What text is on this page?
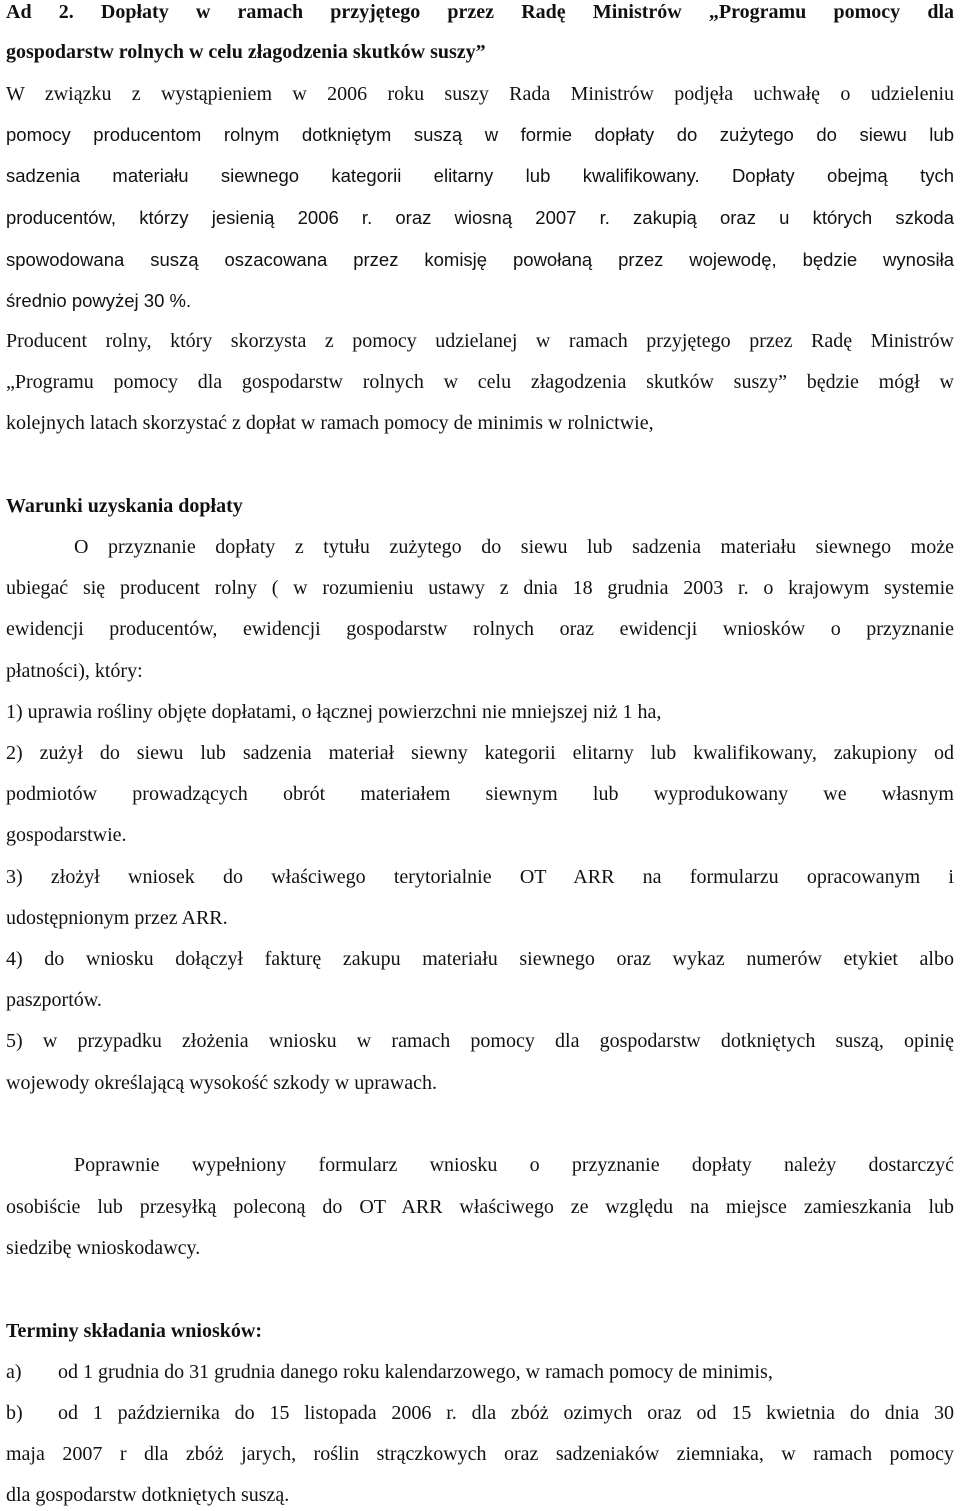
Ad 2. Dopłaty w ramach przyjętego przez Radę Ministrów „Programu pomocy dla
gospodarstw rolnych w celu złagodzenia skutków suszy”
W związku z wystąpieniem w 2006 roku suszy Rada Ministrów podjęła uchwałę o udzieleniu
pomocy producentom rolnym dotkniętym suszą w formie dopłaty do zużytego do siewu lub
sadzenia materiału siewnego kategorii elitarny lub kwalifikowany. Dopłaty obejmą tych
producentów, którzy jesienią 2006 r. oraz wiosną 2007 r. zakupią oraz u których szkoda
spowodowana suszą oszacowana przez komisję powołaną przez wojewodę, będzie wynosiła
średnio powyżej 30 %.
Producent rolny, który skorzysta z pomocy udzielanej w ramach przyjętego przez Radę Ministrów
„Programu pomocy dla gospodarstw rolnych w celu złagodzenia skutków suszy” będzie mógł w
kolejnych latach skorzystać z dopłat w ramach pomocy de minimis w rolnictwie,
Warunki uzyskania dopłaty
O przyznanie dopłaty z tytułu zużytego do siewu lub sadzenia materiału siewnego może
ubiegać się producent rolny ( w rozumieniu ustawy z dnia 18 grudnia 2003 r. o krajowym systemie
ewidencji producentów, ewidencji gospodarstw rolnych oraz ewidencji wniosków o przyznanie
płatności), który:
1) uprawia rośliny objęte dopłatami, o łącznej powierzchni nie mniejszej niż 1 ha,
2) zużył do siewu lub sadzenia materiał siewny kategorii elitarny lub kwalifikowany, zakupiony od
podmiotów prowadzących obrót materiałem siewnym lub wyprodukowany we własnym
gospodarstwie.
3) złożył wniosek do właściwego terytorialnie OT ARR na formularzu opracowanym i
udostępnionym przez ARR.
4) do wniosku dołączył fakturę zakupu materiału siewnego oraz wykaz numerów etykiet albo
paszportów.
5) w przypadku złożenia wniosku w ramach pomocy dla gospodarstw dotkniętych suszą, opinię
wojewody określającą wysokość szkody w uprawach.
Poprawnie wypełniony formularz wniosku o przyznanie dopłaty należy dostarczyć
osobiście lub przesyłką poleconą do OT ARR właściwego ze względu na miejsce zamieszkania lub
siedzibę wnioskodawcy.
Terminy składania wniosków:
a) od 1 grudnia do 31 grudnia danego roku kalendarzowego, w ramach pomocy de minimis,
b)	od 1 października do 15 listopada 2006 r. dla zbóż ozimych oraz od 15 kwietnia do dnia 30
maja 2007 r dla zbóż jarych, roślin strączkowych oraz sadzeniaków ziemniaka, w ramach pomocy
dla gospodarstw dotkniętych suszą.
